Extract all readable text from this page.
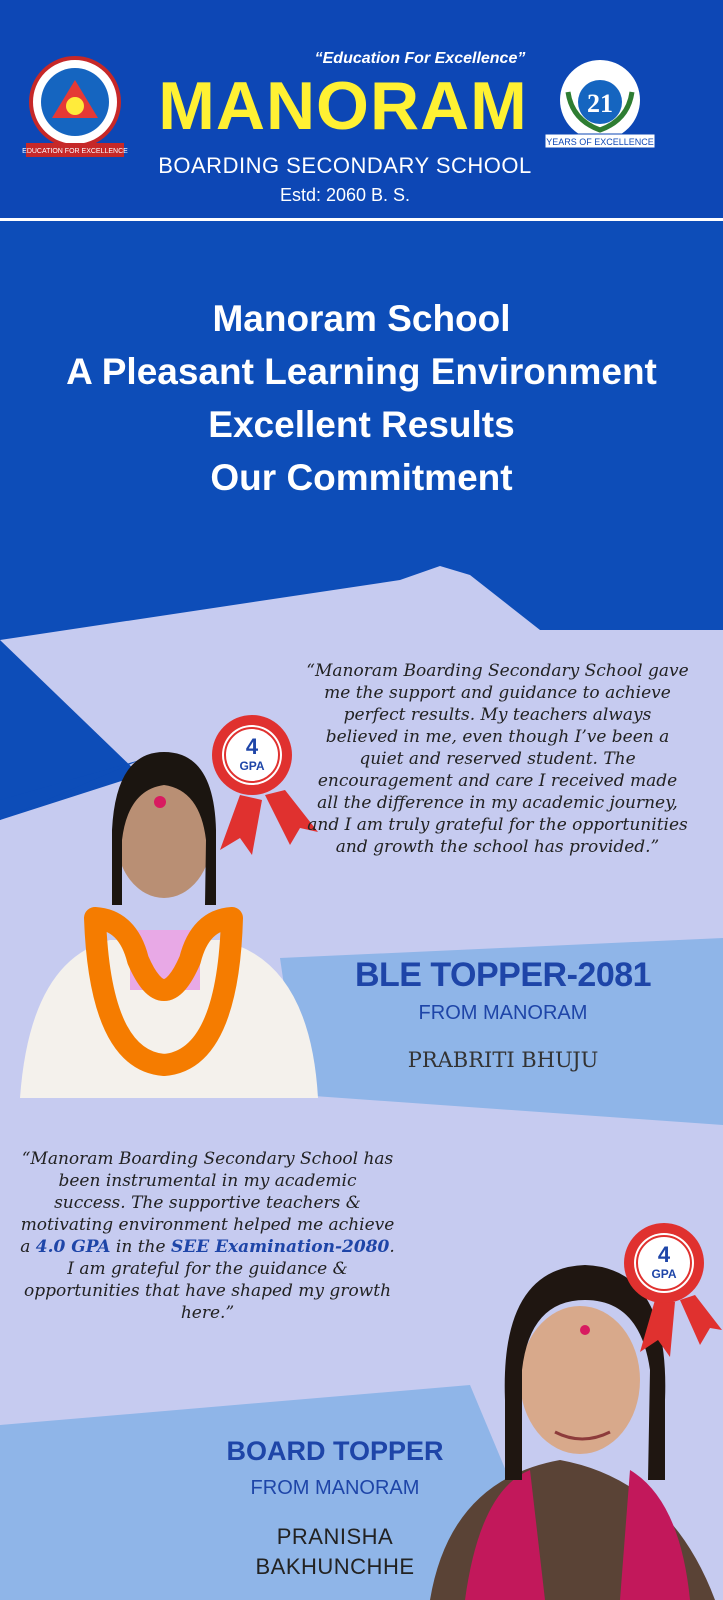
EDUCATION FOR EXCELLENCE
21
YEARS OF EXCELLENCE
4
GPA
4
GPA
“Education For Excellence”
MANORAM
BOARDING SECONDARY SCHOOL
Estd: 2060 B. S.
Manoram School
A Pleasant Learning Environment
Excellent Results
Our Commitment
“Manoram Boarding Secondary School gave me the support and guidance to achieve perfect results. My teachers always believed in me, even though I’ve been a quiet and reserved student. The encouragement and care I received made all the difference in my academic journey, and I am truly grateful for the opportunities and growth the school has provided.”
BLE TOPPER-2081
FROM MANORAM
PRABRITI BHUJU
“Manoram Boarding Secondary School has been instrumental in my academic success. The supportive teachers & motivating environment helped me achieve a 4.0 GPA in the SEE Examination-2080. I am grateful for the guidance & opportunities that have shaped my growth here.”
BOARD TOPPER
FROM MANORAM
PRANISHA
BAKHUNCHHE
